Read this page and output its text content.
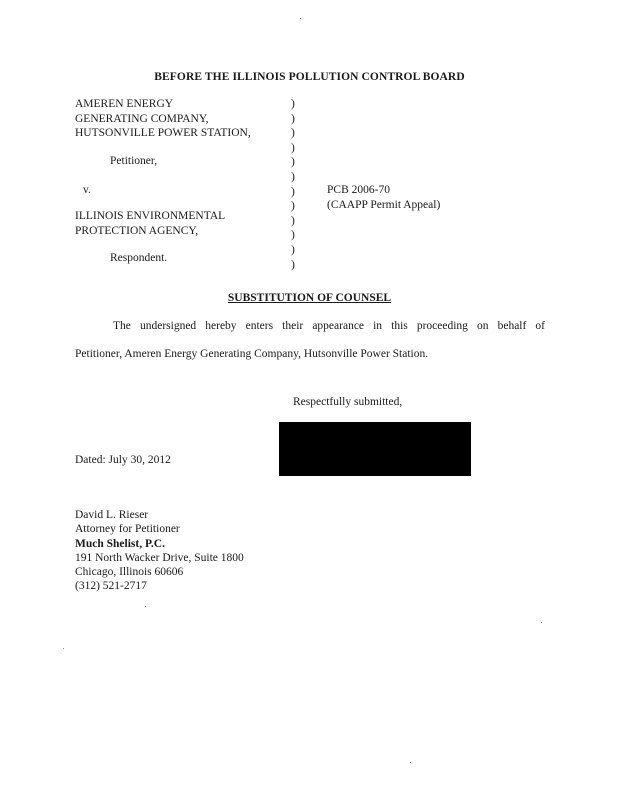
BEFORE THE ILLINOIS POLLUTION CONTROL BOARD
AMEREN ENERGY
GENERATING COMPANY,
HUTSONVILLE POWER STATION,
Petitioner,
v.
ILLINOIS ENVIRONMENTAL
PROTECTION AGENCY,
Respondent.
)
)
)
)
)
)
)
)
)
)
)
)
PCB 2006-70
(CAAPP Permit Appeal)
SUBSTITUTION OF COUNSEL
The undersigned hereby enters their appearance in this proceeding on behalf of
Petitioner, Ameren Energy Generating Company, Hutsonville Power Station.
Respectfully submitted,
Dated: July 30, 2012
David L. Rieser
Attorney for Petitioner
Much Shelist, P.C.
191 North Wacker Drive, Suite 1800
Chicago, Illinois 60606
(312) 521-2717
